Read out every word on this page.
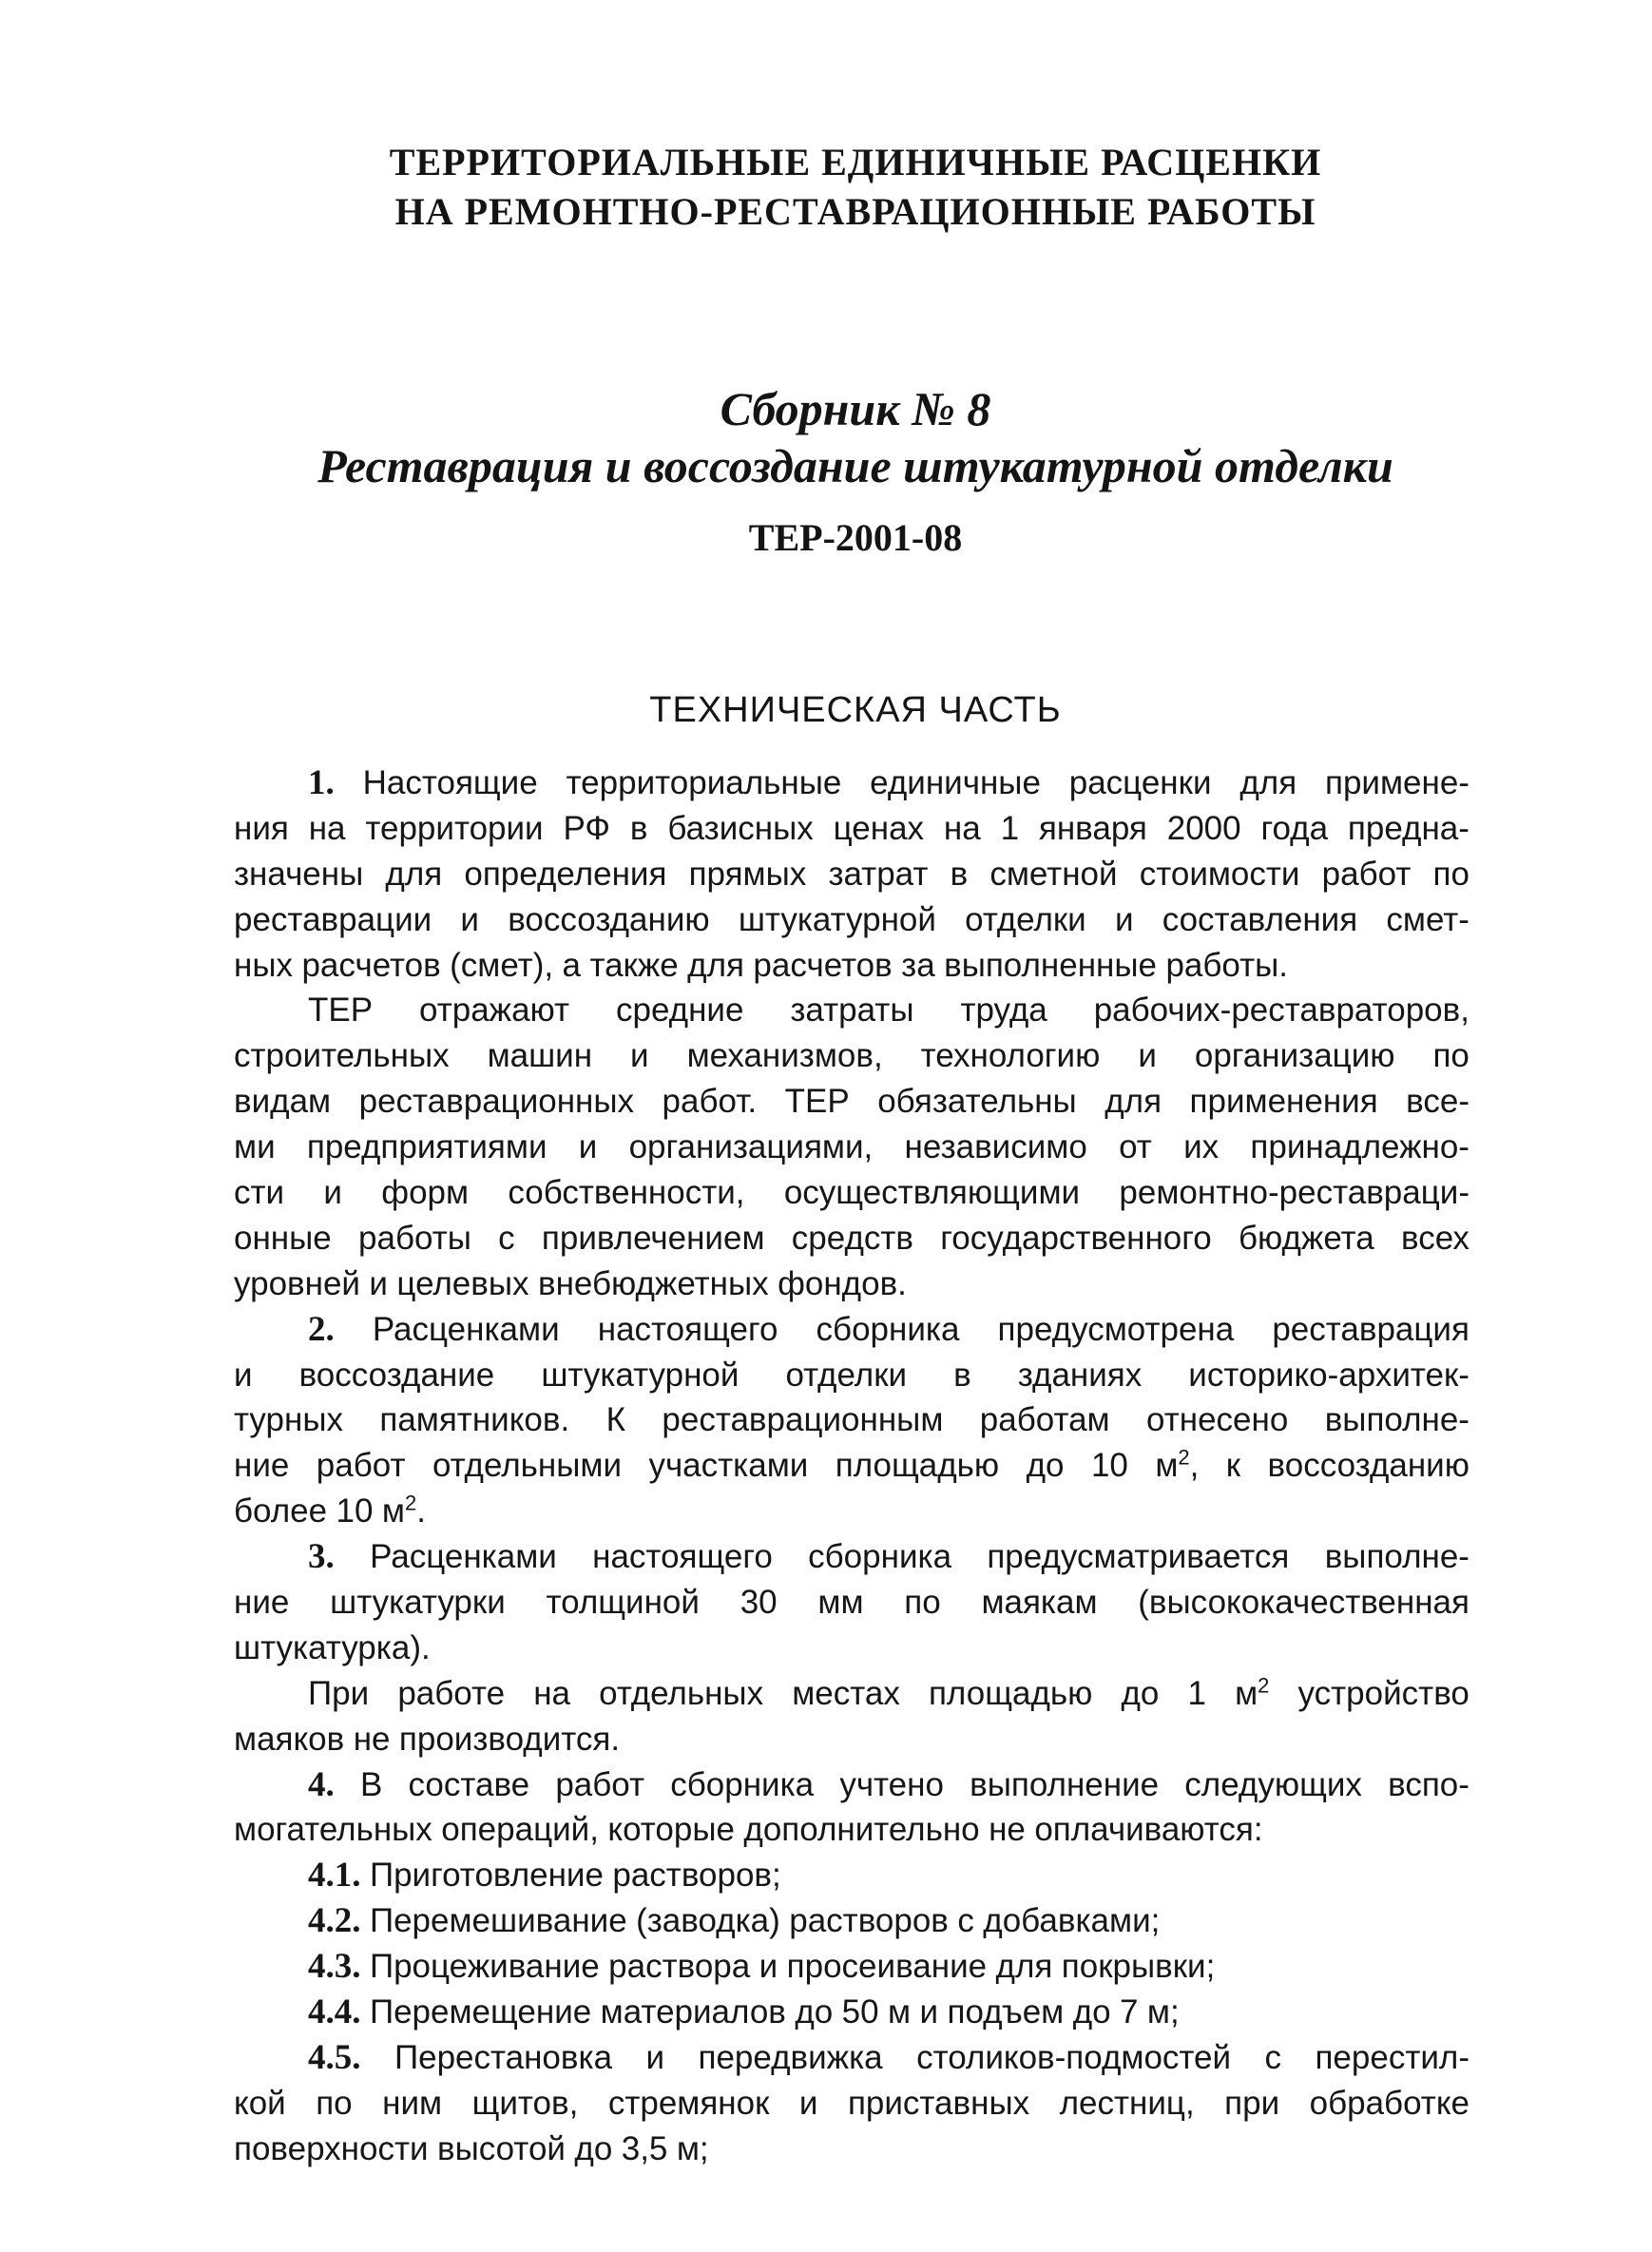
ТЕРРИТОРИАЛЬНЫЕ ЕДИНИЧНЫЕ РАСЦЕНКИ
НА РЕМОНТНО-РЕСТАВРАЦИОННЫЕ РАБОТЫ
Сборник № 8
Реставрация и воссоздание штукатурной отделки
ТЕР-2001-08
ТЕХНИЧЕСКАЯ ЧАСТЬ
1. Настоящие территориальные единичные расценки для примене-
ния на территории РФ в базисных ценах на 1 января 2000 года предна-
значены для определения прямых затрат в сметной стоимости работ по
реставрации и воссозданию штукатурной отделки и составления смет-
ных расчетов (смет), а также для расчетов за выполненные работы.
ТЕР отражают средние затраты труда рабочих-реставраторов,
строительных машин и механизмов, технологию и организацию по
видам реставрационных работ. ТЕР обязательны для применения все-
ми предприятиями и организациями, независимо от их принадлежно-
сти и форм собственности, осуществляющими ремонтно-реставраци-
онные работы с привлечением средств государственного бюджета всех
уровней и целевых внебюджетных фондов.
2. Расценками настоящего сборника предусмотрена реставрация
и воссоздание штукатурной отделки в зданиях историко-архитек-
турных памятников. К реставрационным работам отнесено выполне-
ние работ отдельными участками площадью до 10 $м^2$, к воссозданию
более 10 $м^2$.
3. Расценками настоящего сборника предусматривается выполне-
ние штукатурки толщиной 30 мм по маякам (высококачественная
штукатурка).
При работе на отдельных местах площадью до 1 $м^2$ устройство
маяков не производится.
4. В составе работ сборника учтено выполнение следующих вспо-
могательных операций, которые дополнительно не оплачиваются:
4.1. Приготовление растворов;
4.2. Перемешивание (заводка) растворов с добавками;
4.3. Процеживание раствора и просеивание для покрывки;
4.4. Перемещение материалов до 50 м и подъем до 7 м;
4.5. Перестановка и передвижка столиков-подмостей с перестил-
кой по ним щитов, стремянок и приставных лестниц, при обработке
поверхности высотой до 3,5 м;
